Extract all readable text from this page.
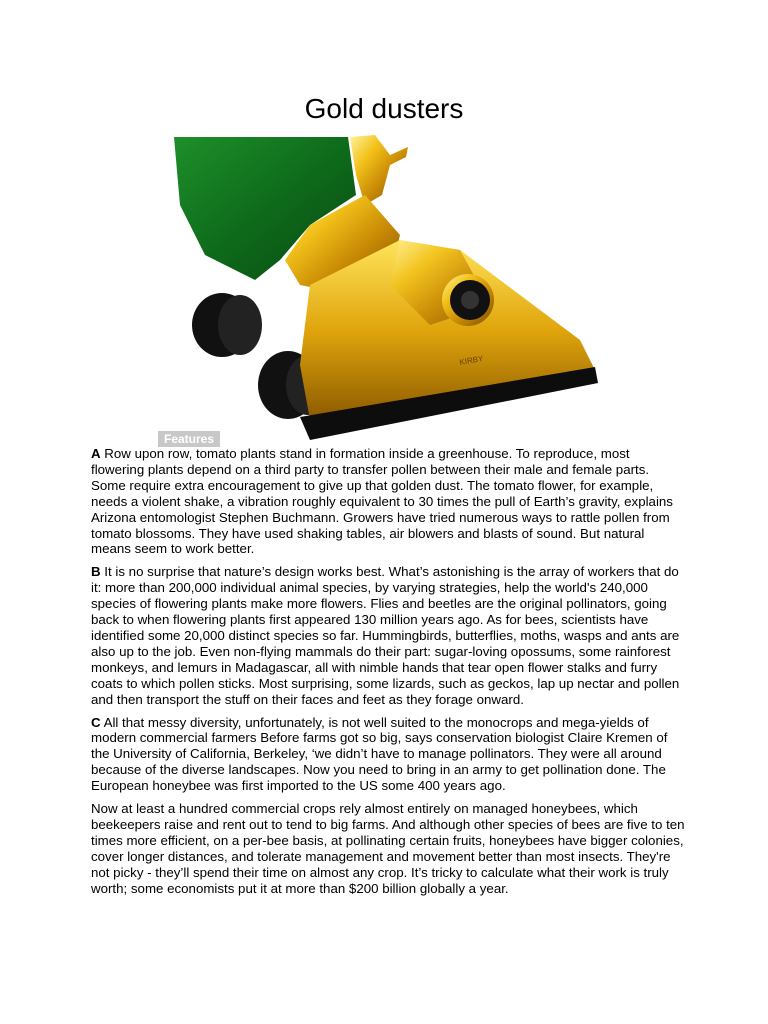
Gold dusters
KIRBY
Features

A Row upon row, tomato plants stand in formation inside a greenhouse. To reproduce, most flowering plants depend on a third party to transfer pollen between their male and female parts. Some require extra encouragement to give up that golden dust. The tomato flower, for example, needs a violent shake, a vibration roughly equivalent to 30 times the pull of Earth’s gravity, explains Arizona entomologist Stephen Buchmann. Growers have tried numerous ways to rattle pollen from tomato blossoms. They have used shaking tables, air blowers and blasts of sound. But natural means seem to work better.

B It is no surprise that nature’s design works best. What’s astonishing is the array of workers that do it: more than 200,000 individual animal species, by varying strategies, help the world's 240,000 species of flowering plants make more flowers. Flies and beetles are the original pollinators, going back to when flowering plants first appeared 130 million years ago. As for bees, scientists have identified some 20,000 distinct species so far. Hummingbirds, butterflies, moths, wasps and ants are also up to the job. Even non-flying mammals do their part: sugar-loving opossums, some rainforest monkeys, and lemurs in Madagascar, all with nimble hands that tear open flower stalks and furry coats to which pollen sticks. Most surprising, some lizards, such as geckos, lap up nectar and pollen and then transport the stuff on their faces and feet as they forage onward.

C All that messy diversity, unfortunately, is not well suited to the monocrops and mega-yields of modern commercial farmers Before farms got so big, says conservation biologist Claire Kremen of the University of California, Berkeley, ‘we didn’t have to manage pollinators. They were all around because of the diverse landscapes. Now you need to bring in an army to get pollination done. The European honeybee was first imported to the US some 400 years ago.

Now at least a hundred commercial crops rely almost entirely on managed honeybees, which beekeepers raise and rent out to tend to big farms. And although other species of bees are five to ten times more efficient, on a per-bee basis, at pollinating certain fruits, honeybees have bigger colonies, cover longer distances, and tolerate management and movement better than most insects. They're not picky - they’ll spend their time on almost any crop. It’s tricky to calculate what their work is truly worth; some economists put it at more than $200 billion globally a year.
